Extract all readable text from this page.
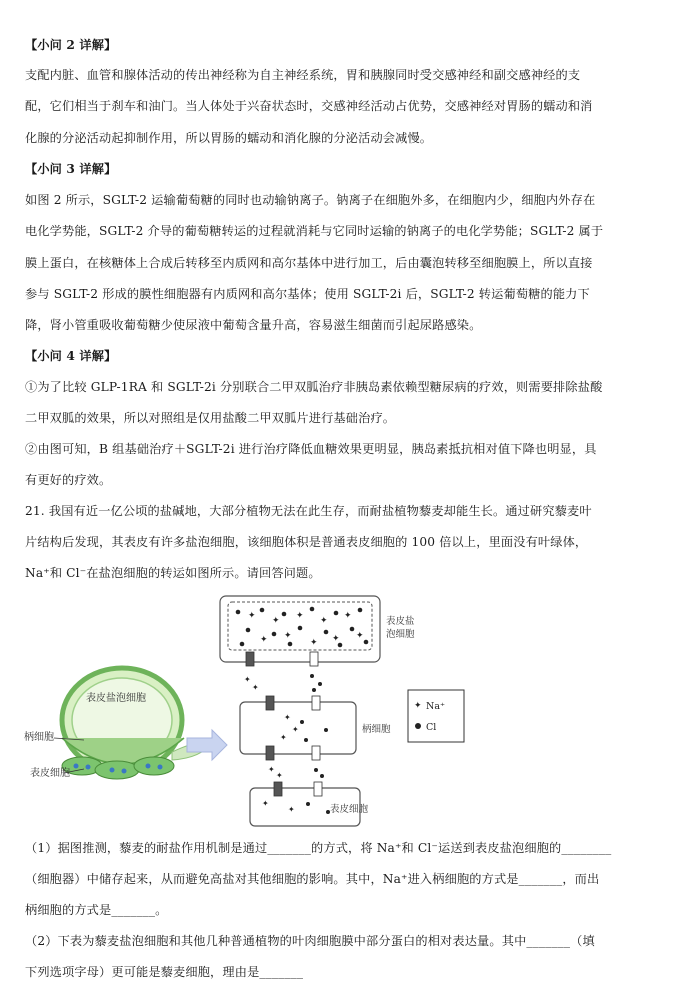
【小问 2 详解】
支配内脏、血管和腺体活动的传出神经称为自主神经系统，胃和胰腺同时受交感神经和副交感神经的支
配，它们相当于刹车和油门。当人体处于兴奋状态时，交感神经活动占优势，交感神经对胃肠的蠕动和消
化腺的分泌活动起抑制作用，所以胃肠的蠕动和消化腺的分泌活动会减慢。
【小问 3 详解】
如图 2 所示，SGLT-2 运输葡萄糖的同时也动输钠离子。钠离子在细胞外多，在细胞内少，细胞内外存在
电化学势能，SGLT-2 介导的葡萄糖转运的过程就消耗与它同时运输的钠离子的电化学势能；SGLT-2 属于
膜上蛋白，在核糖体上合成后转移至内质网和高尔基体中进行加工，后由囊泡转移至细胞膜上，所以直接
参与 SGLT-2 形成的膜性细胞器有内质网和高尔基体；使用 SGLT-2i 后，SGLT-2 转运葡萄糖的能力下
降，肾小管重吸收葡萄糖少使尿液中葡萄含量升高，容易滋生细菌而引起尿路感染。
【小问 4 详解】
①为了比较 GLP-1RA 和 SGLT-2i 分别联合二甲双胍治疗非胰岛素依赖型糖尿病的疗效，则需要排除盐酸
二甲双胍的效果，所以对照组是仅用盐酸二甲双胍片进行基础治疗。
②由图可知，B 组基础治疗＋SGLT-2i 进行治疗降低血糖效果更明显，胰岛素抵抗相对值下降也明显，具
有更好的疗效。
21. 我国有近一亿公顷的盐碱地，大部分植物无法在此生存，而耐盐植物藜麦却能生长。通过研究藜麦叶
片结构后发现，其表皮有许多盐泡细胞，该细胞体积是普通表皮细胞的 100 倍以上，里面没有叶绿体，
Na⁺和 Cl⁻在盐泡细胞的转运如图所示。请回答问题。
表皮盐泡细胞
柄细胞
表皮细胞
✦ ✦ ✦ ✦ ✦
✦ ✦
✦ ✦ ✦
✦
✦
✦
✦
✦
✦
✦
✦
✦
表皮盐
泡细胞
柄细胞
表皮细胞
✦ Na⁺
Cl
（1）据图推测，藜麦的耐盐作用机制是通过_______的方式，将 Na⁺和 Cl⁻运送到表皮盐泡细胞的________
（细胞器）中储存起来，从而避免高盐对其他细胞的影响。其中，Na⁺进入柄细胞的方式是_______，而出
柄细胞的方式是_______。
（2）下表为藜麦盐泡细胞和其他几种普通植物的叶肉细胞膜中部分蛋白的相对表达量。其中_______（填
下列选项字母）更可能是藜麦细胞，理由是_______
